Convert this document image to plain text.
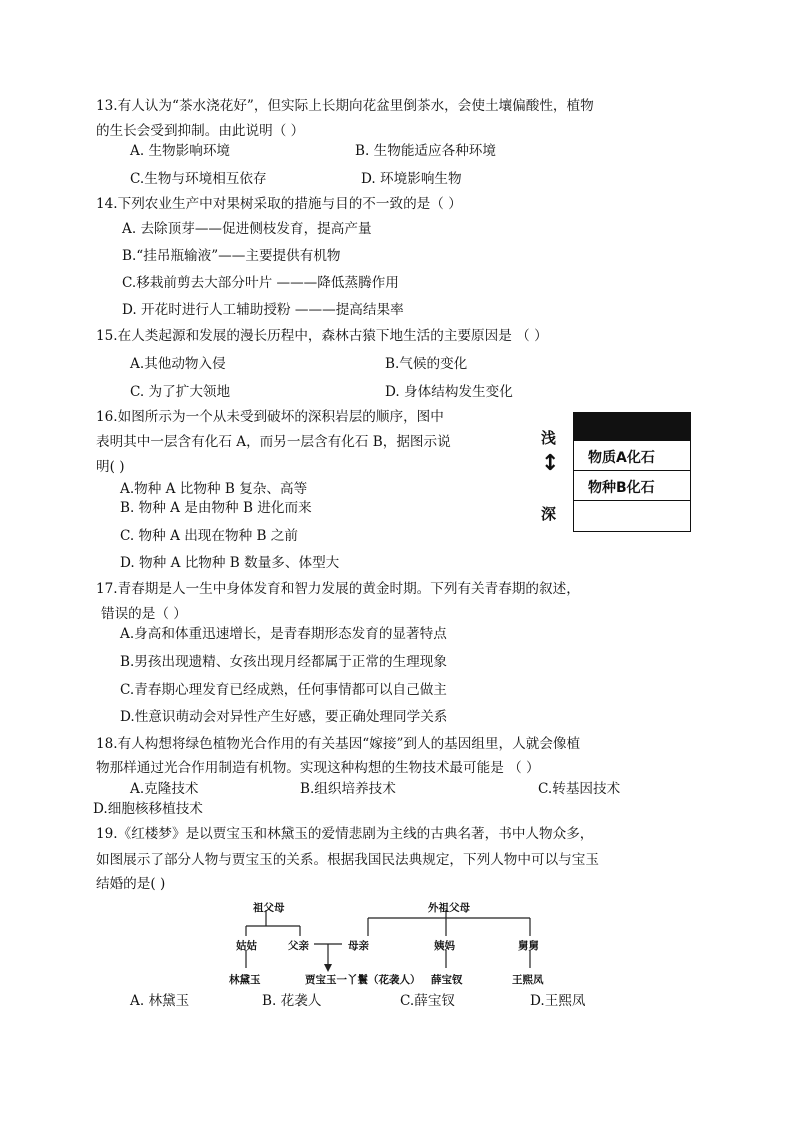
13.有人认为“茶水浇花好”，但实际上长期向花盆里倒茶水，会使土壤偏酸性，植物
的生长会受到抑制。由此说明（ ）
A. 生物影响环境	B. 生物能适应各种环境
C.生物与环境相互依存	D. 环境影响生物
14.下列农业生产中对果树采取的措施与目的不一致的是（ ）
A. 去除顶芽——促进侧枝发育，提高产量
B.“挂吊瓶输液”——主要提供有机物
C.移栽前剪去大部分叶片 ———降低蒸腾作用
D. 开花时进行人工辅助授粉 ———提高结果率
15.在人类起源和发展的漫长历程中，森林古猿下地生活的主要原因是 （ ）
A.其他动物入侵	B.气候的变化
C. 为了扩大领地	D. 身体结构发生变化
16.如图所示为一个从未受到破坏的深积岩层的顺序，图中
表明其中一层含有化石 A，而另一层含有化石 B，据图示说
明( )
A.物种 A 比物种 B 复杂、高等
B. 物种 A 是由物种 B 进化而来
C. 物种 A 出现在物种 B 之前
D. 物种 A 比物种 B 数量多、体型大
浅
↕
深
物质A化石
物种B化石
17.青春期是人一生中身体发育和智力发展的黄金时期。下列有关青春期的叙述，
错误的是（ ）
A.身高和体重迅速增长，是青春期形态发育的显著特点
B.男孩出现遗精、女孩出现月经都属于正常的生理现象
C.青春期心理发育已经成熟，任何事情都可以自己做主
D.性意识萌动会对异性产生好感，要正确处理同学关系
18.有人构想将绿色植物光合作用的有关基因“嫁接”到人的基因组里，人就会像植
物那样通过光合作用制造有机物。实现这种构想的生物技术最可能是 （ ）
A.克隆技术	B.组织培养技术	C.转基因技术
D.细胞核移植技术
19.《红楼梦》是以贾宝玉和林黛玉的爱情悲剧为主线的古典名著，书中人物众多，
如图展示了部分人物与贾宝玉的关系。根据我国民法典规定，下列人物中可以与宝玉
结婚的是( )
祖父母	外祖父母
姑姑	父亲	母亲	姨妈	舅舅
林黛玉	贾宝玉一丫鬟（花袭人） 薛宝钗	王熙凤
A. 林黛玉	B. 花袭人	C.薛宝钗	D.王熙凤
